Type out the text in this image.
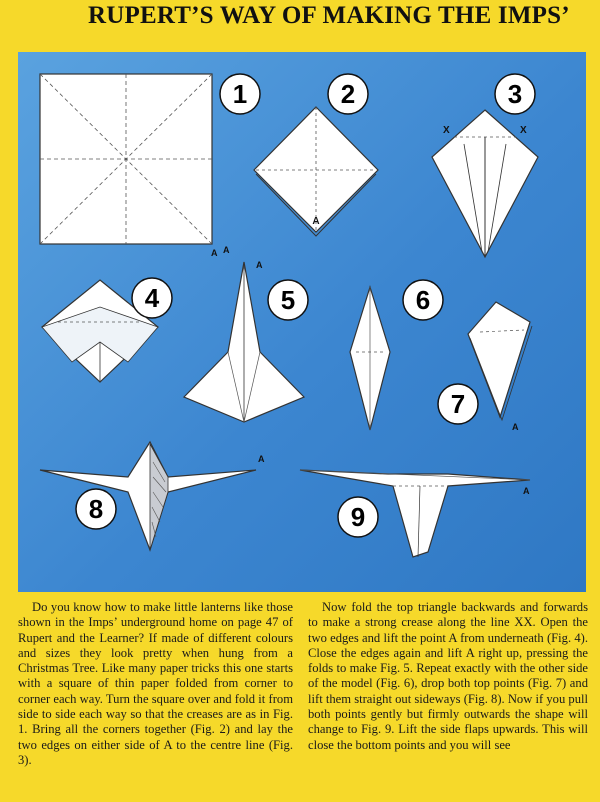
RUPERT’S WAY OF MAKING THE IMPS’
1
A
2
A
X	X
3
4
A
5
A
6
A
7
A
8
A
9

Do you know how to make little lanterns like those shown in the Imps’ underground home on page 47 of Rupert and the Learner? If made of different colours and sizes they look pretty when hung from a Christmas Tree. Like many paper tricks this one starts with a square of thin paper folded from corner to corner each way. Turn the square over and fold it from side to side each way so that the creases are as in Fig. 1. Bring all the corners together (Fig. 2) and lay the two edges on either side of A to the centre line (Fig. 3).

Now fold the top triangle backwards and forwards to make a strong crease along the line XX. Open the two edges and lift the point A from underneath (Fig. 4). Close the edges again and lift A right up, pressing the folds to make Fig. 5. Repeat exactly with the other side of the model (Fig. 6), drop both top points (Fig. 7) and lift them straight out sideways (Fig. 8). Now if you pull both points gently but firmly outwards the shape will change to Fig. 9. Lift the side flaps upwards. This will close the bottom points and you will see
